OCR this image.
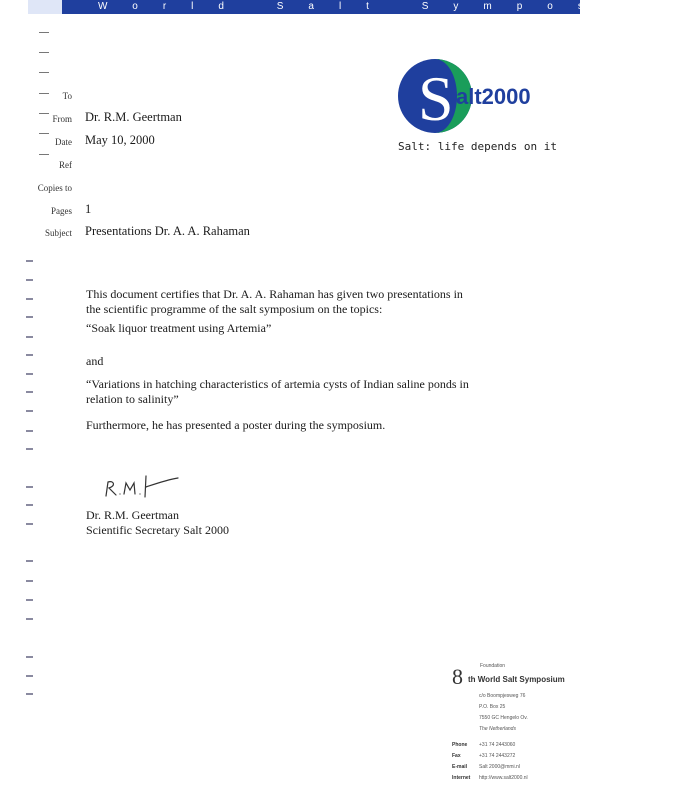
World Salt Symposium
To
From
Date
Ref
Copies to
Pages
Subject
Dr. R.M. Geertman
May 10, 2000
1
Presentations Dr. A. A. Rahaman
S alt2000
Salt: life depends on it

This document certifies that Dr. A. A. Rahaman has given two presentations in the scientific programme of the salt symposium on the topics:

“Soak liquor treatment using Artemia”

and

“Variations in hatching characteristics of artemia cysts of Indian saline ponds in relation to salinity”

Furthermore, he has presented a poster during the symposium.

Dr. R.M. Geertman

Scientific Secretary Salt 2000

Foundation
8 th World Salt Symposium
c/o Boompjesweg 76
P.O. Box 25
7550 GC Hengelo Ov.
The Netherlands
Phone +31 74 2443060
Fax	+31 74 2443272
E-mail Salt 2000@mmi.nl
Internet http://www.salt2000.nl
